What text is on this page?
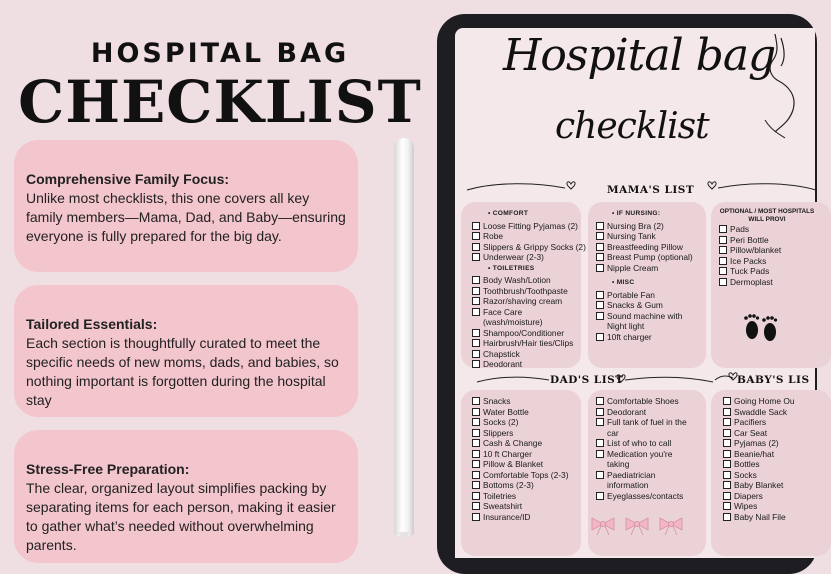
HOSPITAL BAG
CHECKLIST
Comprehensive Family Focus:

Unlike most checklists, this one covers all key family members—Mama, Dad, and Baby—ensuring everyone is fully prepared for the big day.

Tailored Essentials:

Each section is thoughtfully curated to meet the specific needs of new moms, dads, and babies, so nothing important is forgotten during the hospital stay

Stress-Free Preparation:

The clear, organized layout simplifies packing by separating items for each person, making it easier to gather what’s needed without overwhelming parents.

Hospital bag
checklist
MAMA'S LIST
• COMFORT
Loose Fitting Pyjamas (2)
Robe
Slippers & Grippy Socks (2)
Underwear (2-3)
• TOILETRIES
Body Wash/Lotion
Toothbrush/Toothpaste
Razor/shaving cream
Face Care (wash/moisture)
Shampoo/Conditioner
Hairbrush/Hair ties/Clips
Chapstick
Deodorant
• IF NURSING:
Nursing Bra (2)
Nursing Tank
Breastfeeding Pillow
Breast Pump (optional)
Nipple Cream
• MISC
Portable Fan
Snacks & Gum
Sound machine with Night light
10ft charger
OPTIONAL / MOST HOSPITALS WILL PROVI
Pads
Peri Bottle
Pillow/blanket
Ice Packs
Tuck Pads
Dermoplast
DAD'S LIST	BABY'S LIS
Snacks
Water Bottle
Socks (2)
Slippers
Cash & Change
10 ft Charger
Pillow & Blanket
Comfortable Tops (2-3)
Bottoms (2-3)
Toiletries
Sweatshirt
Insurance/ID
Comfortable Shoes
Deodorant
Full tank of fuel in the car
List of who to call
Medication you're taking
Paediatrician information
Eyeglasses/contacts
Going Home Ou
Swaddle Sack
Pacifiers
Car Seat
Pyjamas (2)
Beanie/hat
Bottles
Socks
Baby Blanket
Diapers
Wipes
Baby Nail File
